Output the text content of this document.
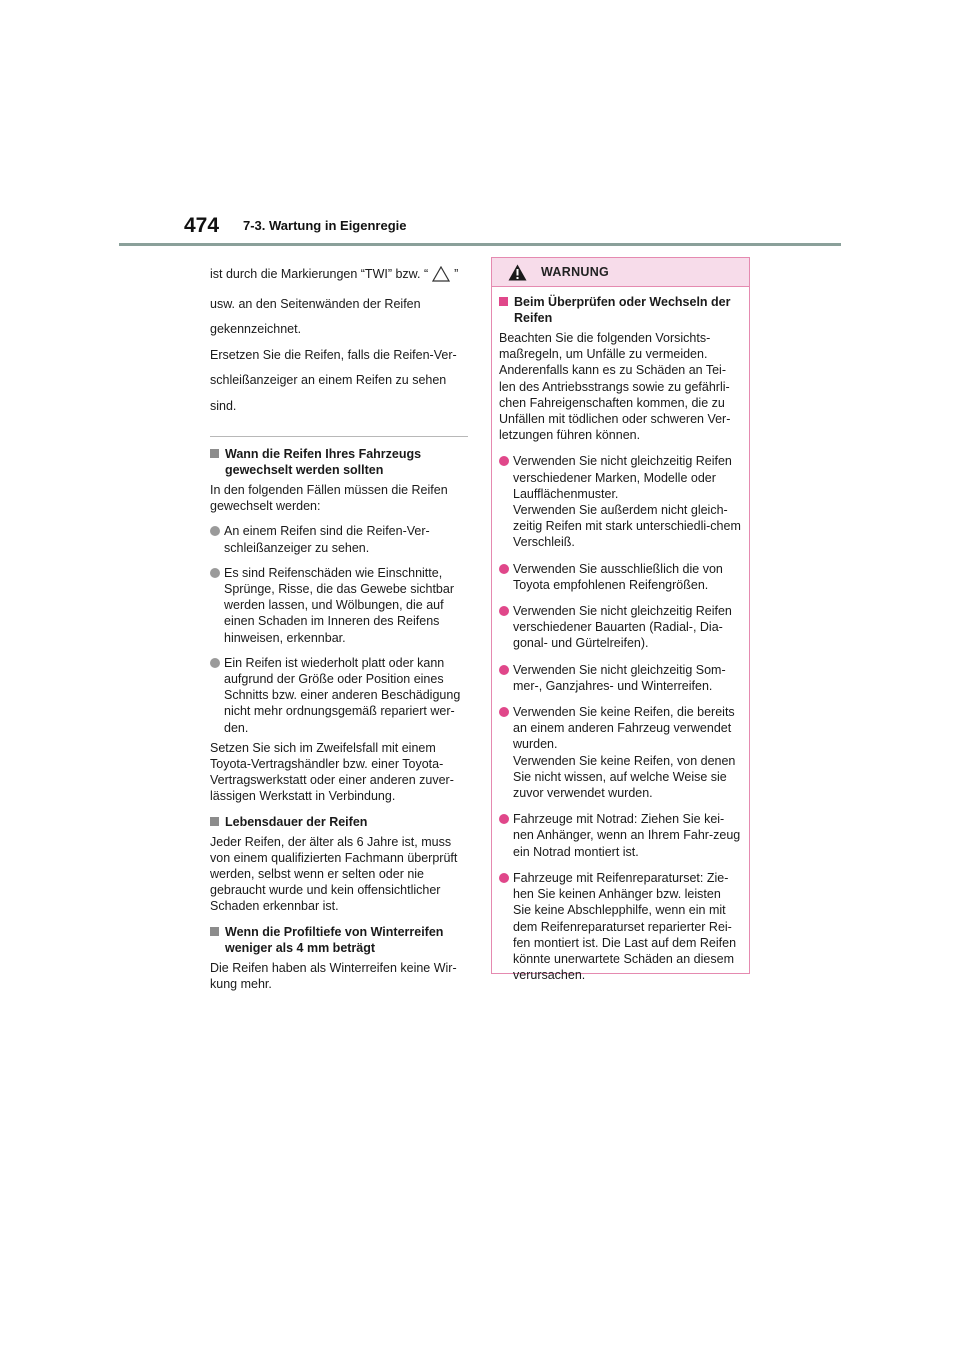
474 7-3. Wartung in Eigenregie

ist durch die Markierungen “TWI” bzw. “ ”

usw. an den Seitenwänden der Reifen

gekennzeichnet.

Ersetzen Sie die Reifen, falls die Reifen-Ver-

schleißanzeiger an einem Reifen zu sehen

sind.

Wann die Reifen Ihres Fahrzeugs gewechselt werden sollten
In den folgenden Fällen müssen die Reifen gewechselt werden:
An einem Reifen sind die Reifen-Ver-schleißanzeiger zu sehen.
Es sind Reifenschäden wie Einschnitte, Sprünge, Risse, die das Gewebe sichtbar werden lassen, und Wölbungen, die auf einen Schaden im Inneren des Reifens hinweisen, erkennbar.
Ein Reifen ist wiederholt platt oder kann aufgrund der Größe oder Position eines Schnitts bzw. einer anderen Beschädigung nicht mehr ordnungsgemäß repariert wer-den.
Setzen Sie sich im Zweifelsfall mit einem Toyota-Vertragshändler bzw. einer Toyota-Vertragswerkstatt oder einer anderen zuver-lässigen Werkstatt in Verbindung.
Lebensdauer der Reifen
Jeder Reifen, der älter als 6 Jahre ist, muss von einem qualifizierten Fachmann überprüft werden, selbst wenn er selten oder nie gebraucht wurde und kein offensichtlicher Schaden erkennbar ist.
Wenn die Profiltiefe von Winterreifen weniger als 4 mm beträgt
Die Reifen haben als Winterreifen keine Wir-kung mehr.
WARNUNG
Beim Überprüfen oder Wechseln der Reifen
Beachten Sie die folgenden Vorsichts-maßregeln, um Unfälle zu vermeiden. Anderenfalls kann es zu Schäden an Tei-len des Antriebsstrangs sowie zu gefährli-chen Fahreigenschaften kommen, die zu Unfällen mit tödlichen oder schweren Ver-letzungen führen können.
Verwenden Sie nicht gleichzeitig Reifen verschiedener Marken, Modelle oder Laufflächenmuster.
Verwenden Sie außerdem nicht gleich-zeitig Reifen mit stark unterschiedli-chem Verschleiß.
Verwenden Sie ausschließlich die von Toyota empfohlenen Reifengrößen.
Verwenden Sie nicht gleichzeitig Reifen verschiedener Bauarten (Radial-, Dia-gonal- und Gürtelreifen).
Verwenden Sie nicht gleichzeitig Som-mer-, Ganzjahres- und Winterreifen.
Verwenden Sie keine Reifen, die bereits an einem anderen Fahrzeug verwendet wurden.
Verwenden Sie keine Reifen, von denen Sie nicht wissen, auf welche Weise sie zuvor verwendet wurden.
Fahrzeuge mit Notrad: Ziehen Sie kei-nen Anhänger, wenn an Ihrem Fahr-zeug ein Notrad montiert ist.
Fahrzeuge mit Reifenreparaturset: Zie-hen Sie keinen Anhänger bzw. leisten Sie keine Abschlepphilfe, wenn ein mit dem Reifenreparaturset reparierter Rei-fen montiert ist. Die Last auf dem Reifen könnte unerwartete Schäden an diesem verursachen.
